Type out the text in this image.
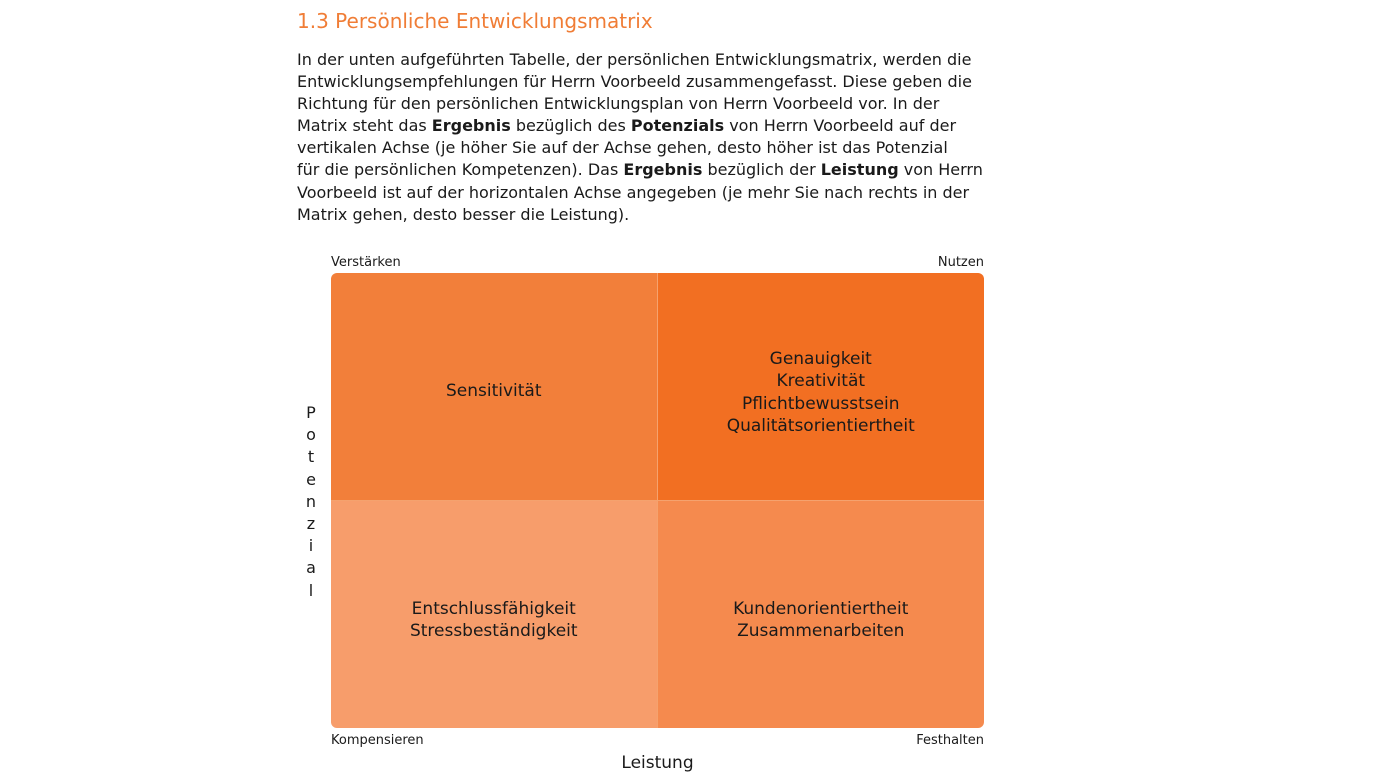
1.3 Persönliche Entwicklungsmatrix

In der unten aufgeführten Tabelle, der persönlichen Entwicklungsmatrix, werden die
Entwicklungsempfehlungen für Herrn Voorbeeld zusammengefasst. Diese geben die
Richtung für den persönlichen Entwicklungsplan von Herrn Voorbeeld vor. In der
Matrix steht das Ergebnis bezüglich des Potenzials von Herrn Voorbeeld auf der
vertikalen Achse (je höher Sie auf der Achse gehen, desto höher ist das Potenzial
für die persönlichen Kompetenzen). Das Ergebnis bezüglich der Leistung von Herrn
Voorbeeld ist auf der horizontalen Achse angegeben (je mehr Sie nach rechts in der
Matrix gehen, desto besser die Leistung).

Verstärken	Nutzen
P
o
t
e
n
z
i
a
l
Sensitivität
Genauigkeit
Kreativität
Pflichtbewusstsein
Qualitätsorientiertheit
Entschlussfähigkeit
Stressbeständigkeit
Kundenorientiertheit
Zusammenarbeiten
Kompensieren	Festhalten
Leistung
